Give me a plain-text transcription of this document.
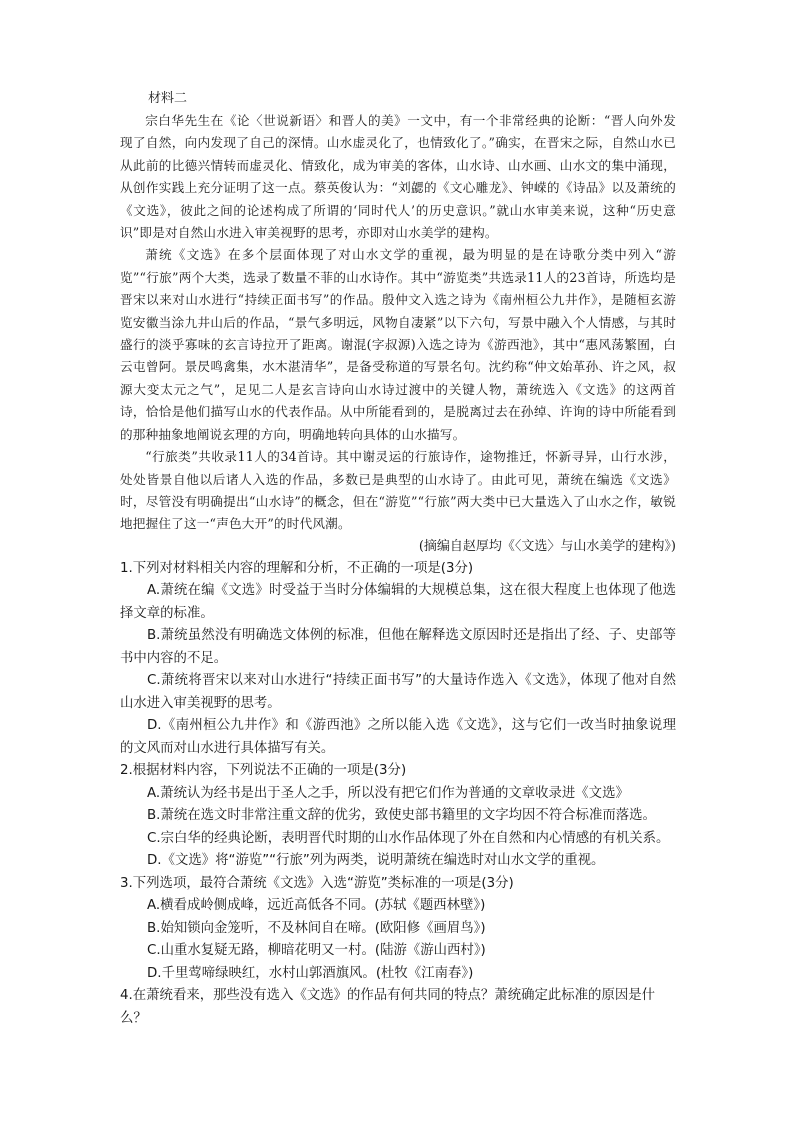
材料二

宗白华先生在《论〈世说新语〉和晋人的美》一文中，有一个非常经典的论断：“晋人向外发现了自然，向内发现了自己的深情。山水虚灵化了，也情致化了。”确实，在晋宋之际，自然山水已从此前的比德兴情转而虚灵化、情致化，成为审美的客体，山水诗、山水画、山水文的集中涌现，从创作实践上充分证明了这一点。蔡英俊认为：“刘勰的《文心雕龙》、钟嵘的《诗品》以及萧统的《文选》，彼此之间的论述构成了所谓的‘同时代人’的历史意识。”就山水审美来说，这种“历史意识”即是对自然山水进入审美视野的思考，亦即对山水美学的建构。

萧统《文选》在多个层面体现了对山水文学的重视，最为明显的是在诗歌分类中列入“游览”“行旅”两个大类，选录了数量不菲的山水诗作。其中“游览类”共选录11人的23首诗，所选均是晋宋以来对山水进行“持续正面书写”的作品。殷仲文入选之诗为《南州桓公九井作》，是随桓玄游览安徽当涂九井山后的作品，“景气多明远，风物自凄紧”以下六句，写景中融入个人情感，与其时盛行的淡乎寡味的玄言诗拉开了距离。谢混(字叔源)入选之诗为《游西池》，其中“惠风荡繁囿，白云屯曾阿。景昃鸣禽集，水木湛清华”，是备受称道的写景名句。沈约称“仲文始革孙、许之风，叔源大变太元之气”，足见二人是玄言诗向山水诗过渡中的关键人物，萧统选入《文选》的这两首诗，恰恰是他们描写山水的代表作品。从中所能看到的，是脱离过去在孙绰、许询的诗中所能看到的那种抽象地阐说玄理的方向，明确地转向具体的山水描写。

“行旅类”共收录11人的34首诗。其中谢灵运的行旅诗作，途物推迁，怀新寻异，山行水涉，处处皆景自他以后诸人入选的作品，多数已是典型的山水诗了。由此可见，萧统在编选《文选》时，尽管没有明确提出“山水诗”的概念，但在“游览”“行旅”两大类中已大量选入了山水之作，敏锐地把握住了这一“声色大开”的时代风潮。

(摘编自赵厚均《〈文选〉与山水美学的建构》)

1.下列对材料相关内容的理解和分析，不正确的一项是(3分)

A.萧统在编《文选》时受益于当时分体编辑的大规模总集，这在很大程度上也体现了他选择文章的标准。

B.萧统虽然没有明确选文体例的标准，但他在解释选文原因时还是指出了经、子、史部等书中内容的不足。

C.萧统将晋宋以来对山水进行“持续正面书写”的大量诗作选入《文选》，体现了他对自然山水进入审美视野的思考。

D.《南州桓公九井作》和《游西池》之所以能入选《文选》，这与它们一改当时抽象说理的文风而对山水进行具体描写有关。

2.根据材料内容，下列说法不正确的一项是(3分)

A.萧统认为经书是出于圣人之手，所以没有把它们作为普通的文章收录进《文选》

B.萧统在选文时非常注重文辞的优劣，致使史部书籍里的文字均因不符合标准而落选。

C.宗白华的经典论断，表明晋代时期的山水作品体现了外在自然和内心情感的有机关系。

D.《文选》将“游览”“行旅”列为两类，说明萧统在编选时对山水文学的重视。

3.下列选项，最符合萧统《文选》入选“游览”类标准的一项是(3分)

A.横看成岭侧成峰，远近高低各不同。(苏轼《题西林壁》)

B.始知锁向金笼听，不及林间自在啼。(欧阳修《画眉鸟》)

C.山重水复疑无路，柳暗花明又一村。(陆游《游山西村》)

D.千里莺啼绿映红，水村山郭酒旗风。(杜牧《江南春》)

4.在萧统看来，那些没有选入《文选》的作品有何共同的特点？萧统确定此标准的原因是什么？
